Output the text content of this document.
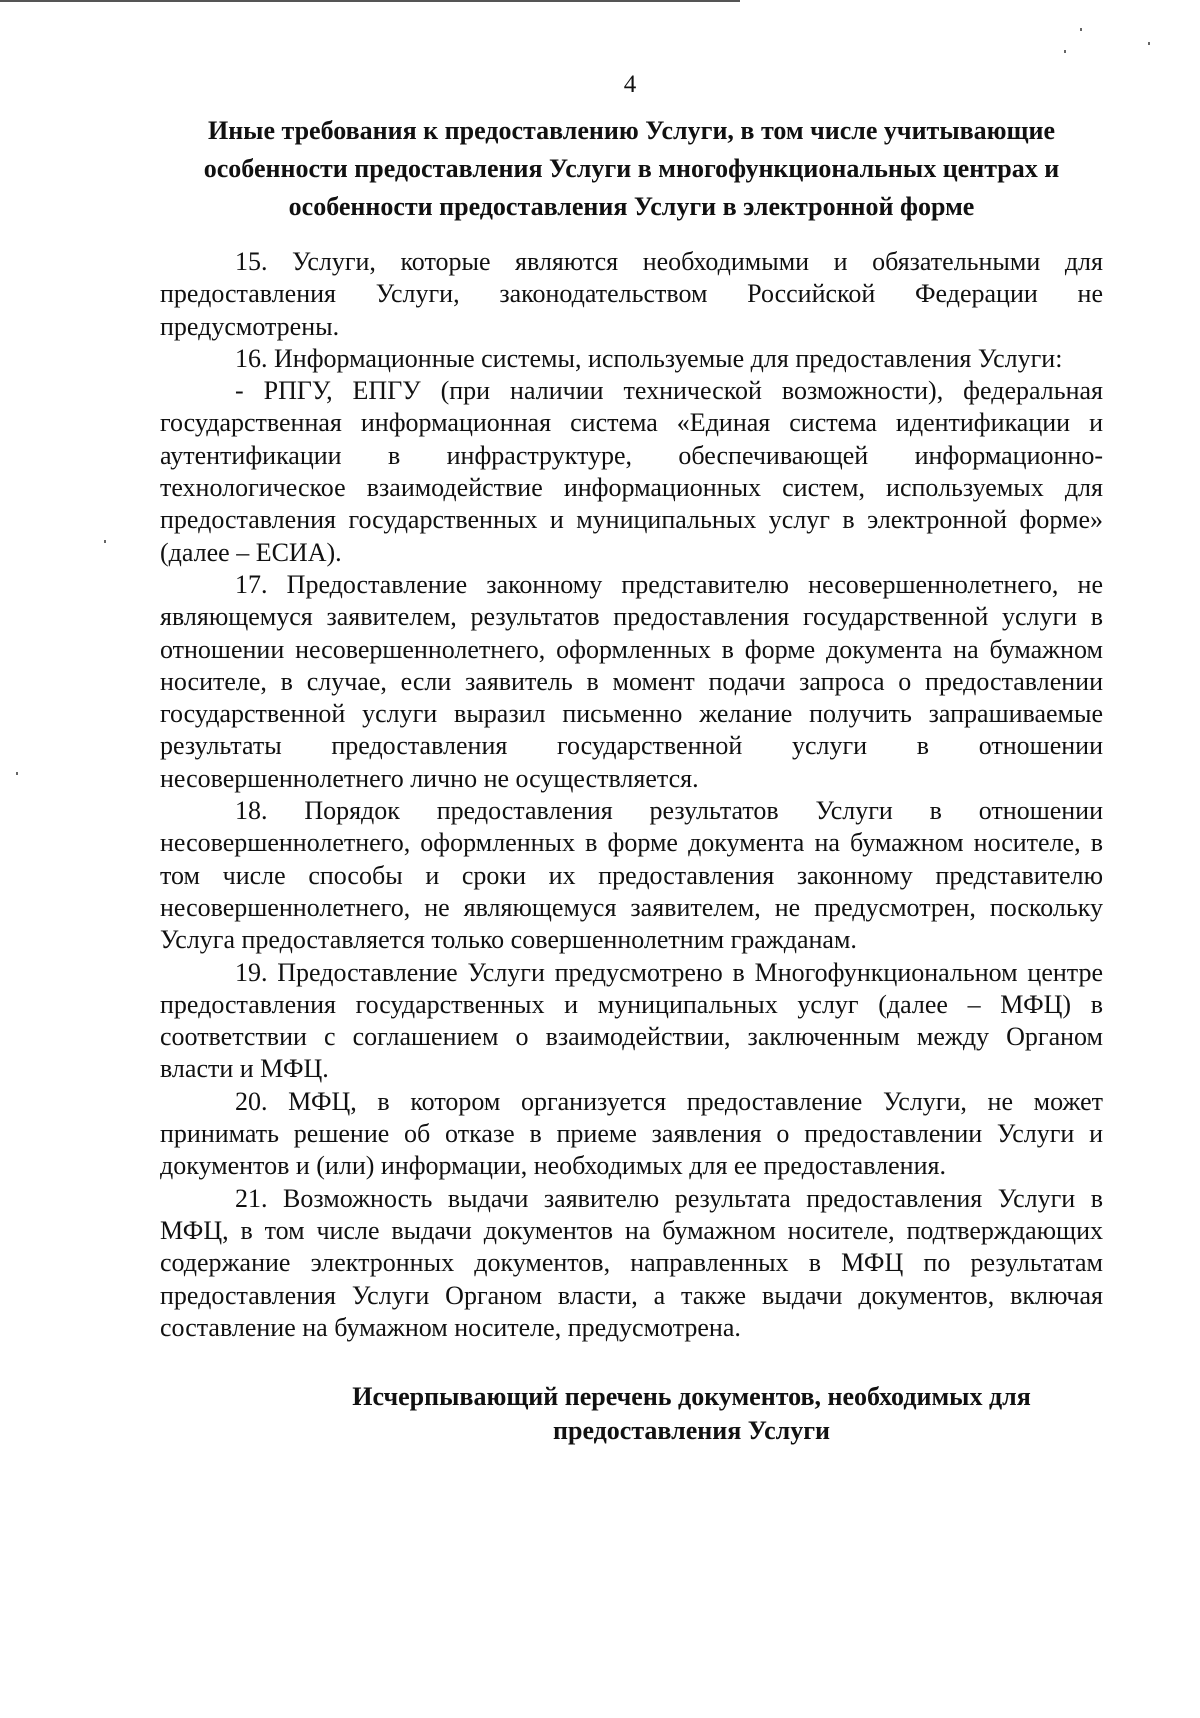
4
Иные требования к предоставлению Услуги, в том числе учитывающие
особенности предоставления Услуги в многофункциональных центрах и
особенности предоставления Услуги в электронной форме

15. Услуги, которые являются необходимыми и обязательными для предоставления Услуги, законодательством Российской Федерации не предусмотрены.

16. Информационные системы, используемые для предоставления Услуги:

- РПГУ, ЕПГУ (при наличии технической возможности), федеральная государственная информационная система «Единая система идентификации и аутентификации в инфраструктуре, обеспечивающей информационно-технологическое взаимодействие информационных систем, используемых для предоставления государственных и муниципальных услуг в электронной форме» (далее – ЕСИА).

17. Предоставление законному представителю несовершеннолетнего, не являющемуся заявителем, результатов предоставления государственной услуги в отношении несовершеннолетнего, оформленных в форме документа на бумажном носителе, в случае, если заявитель в момент подачи запроса о предоставлении государственной услуги выразил письменно желание получить запрашиваемые результаты предоставления государственной услуги в отношении несовершеннолетнего лично не осуществляется.

18. Порядок предоставления результатов Услуги в отношении несовершеннолетнего, оформленных в форме документа на бумажном носителе, в том числе способы и сроки их предоставления законному представителю несовершеннолетнего, не являющемуся заявителем, не предусмотрен, поскольку Услуга предоставляется только совершеннолетним гражданам.

19. Предоставление Услуги предусмотрено в Многофункциональном центре предоставления государственных и муниципальных услуг (далее – МФЦ) в соответствии с соглашением о взаимодействии, заключенным между Органом власти и МФЦ.

20. МФЦ, в котором организуется предоставление Услуги, не может принимать решение об отказе в приеме заявления о предоставлении Услуги и документов и (или) информации, необходимых для ее предоставления.

21. Возможность выдачи заявителю результата предоставления Услуги в МФЦ, в том числе выдачи документов на бумажном носителе, подтверждающих содержание электронных документов, направленных в МФЦ по результатам предоставления Услуги Органом власти, а также выдачи документов, включая составление на бумажном носителе, предусмотрена.

Исчерпывающий перечень документов, необходимых для
предоставления Услуги
